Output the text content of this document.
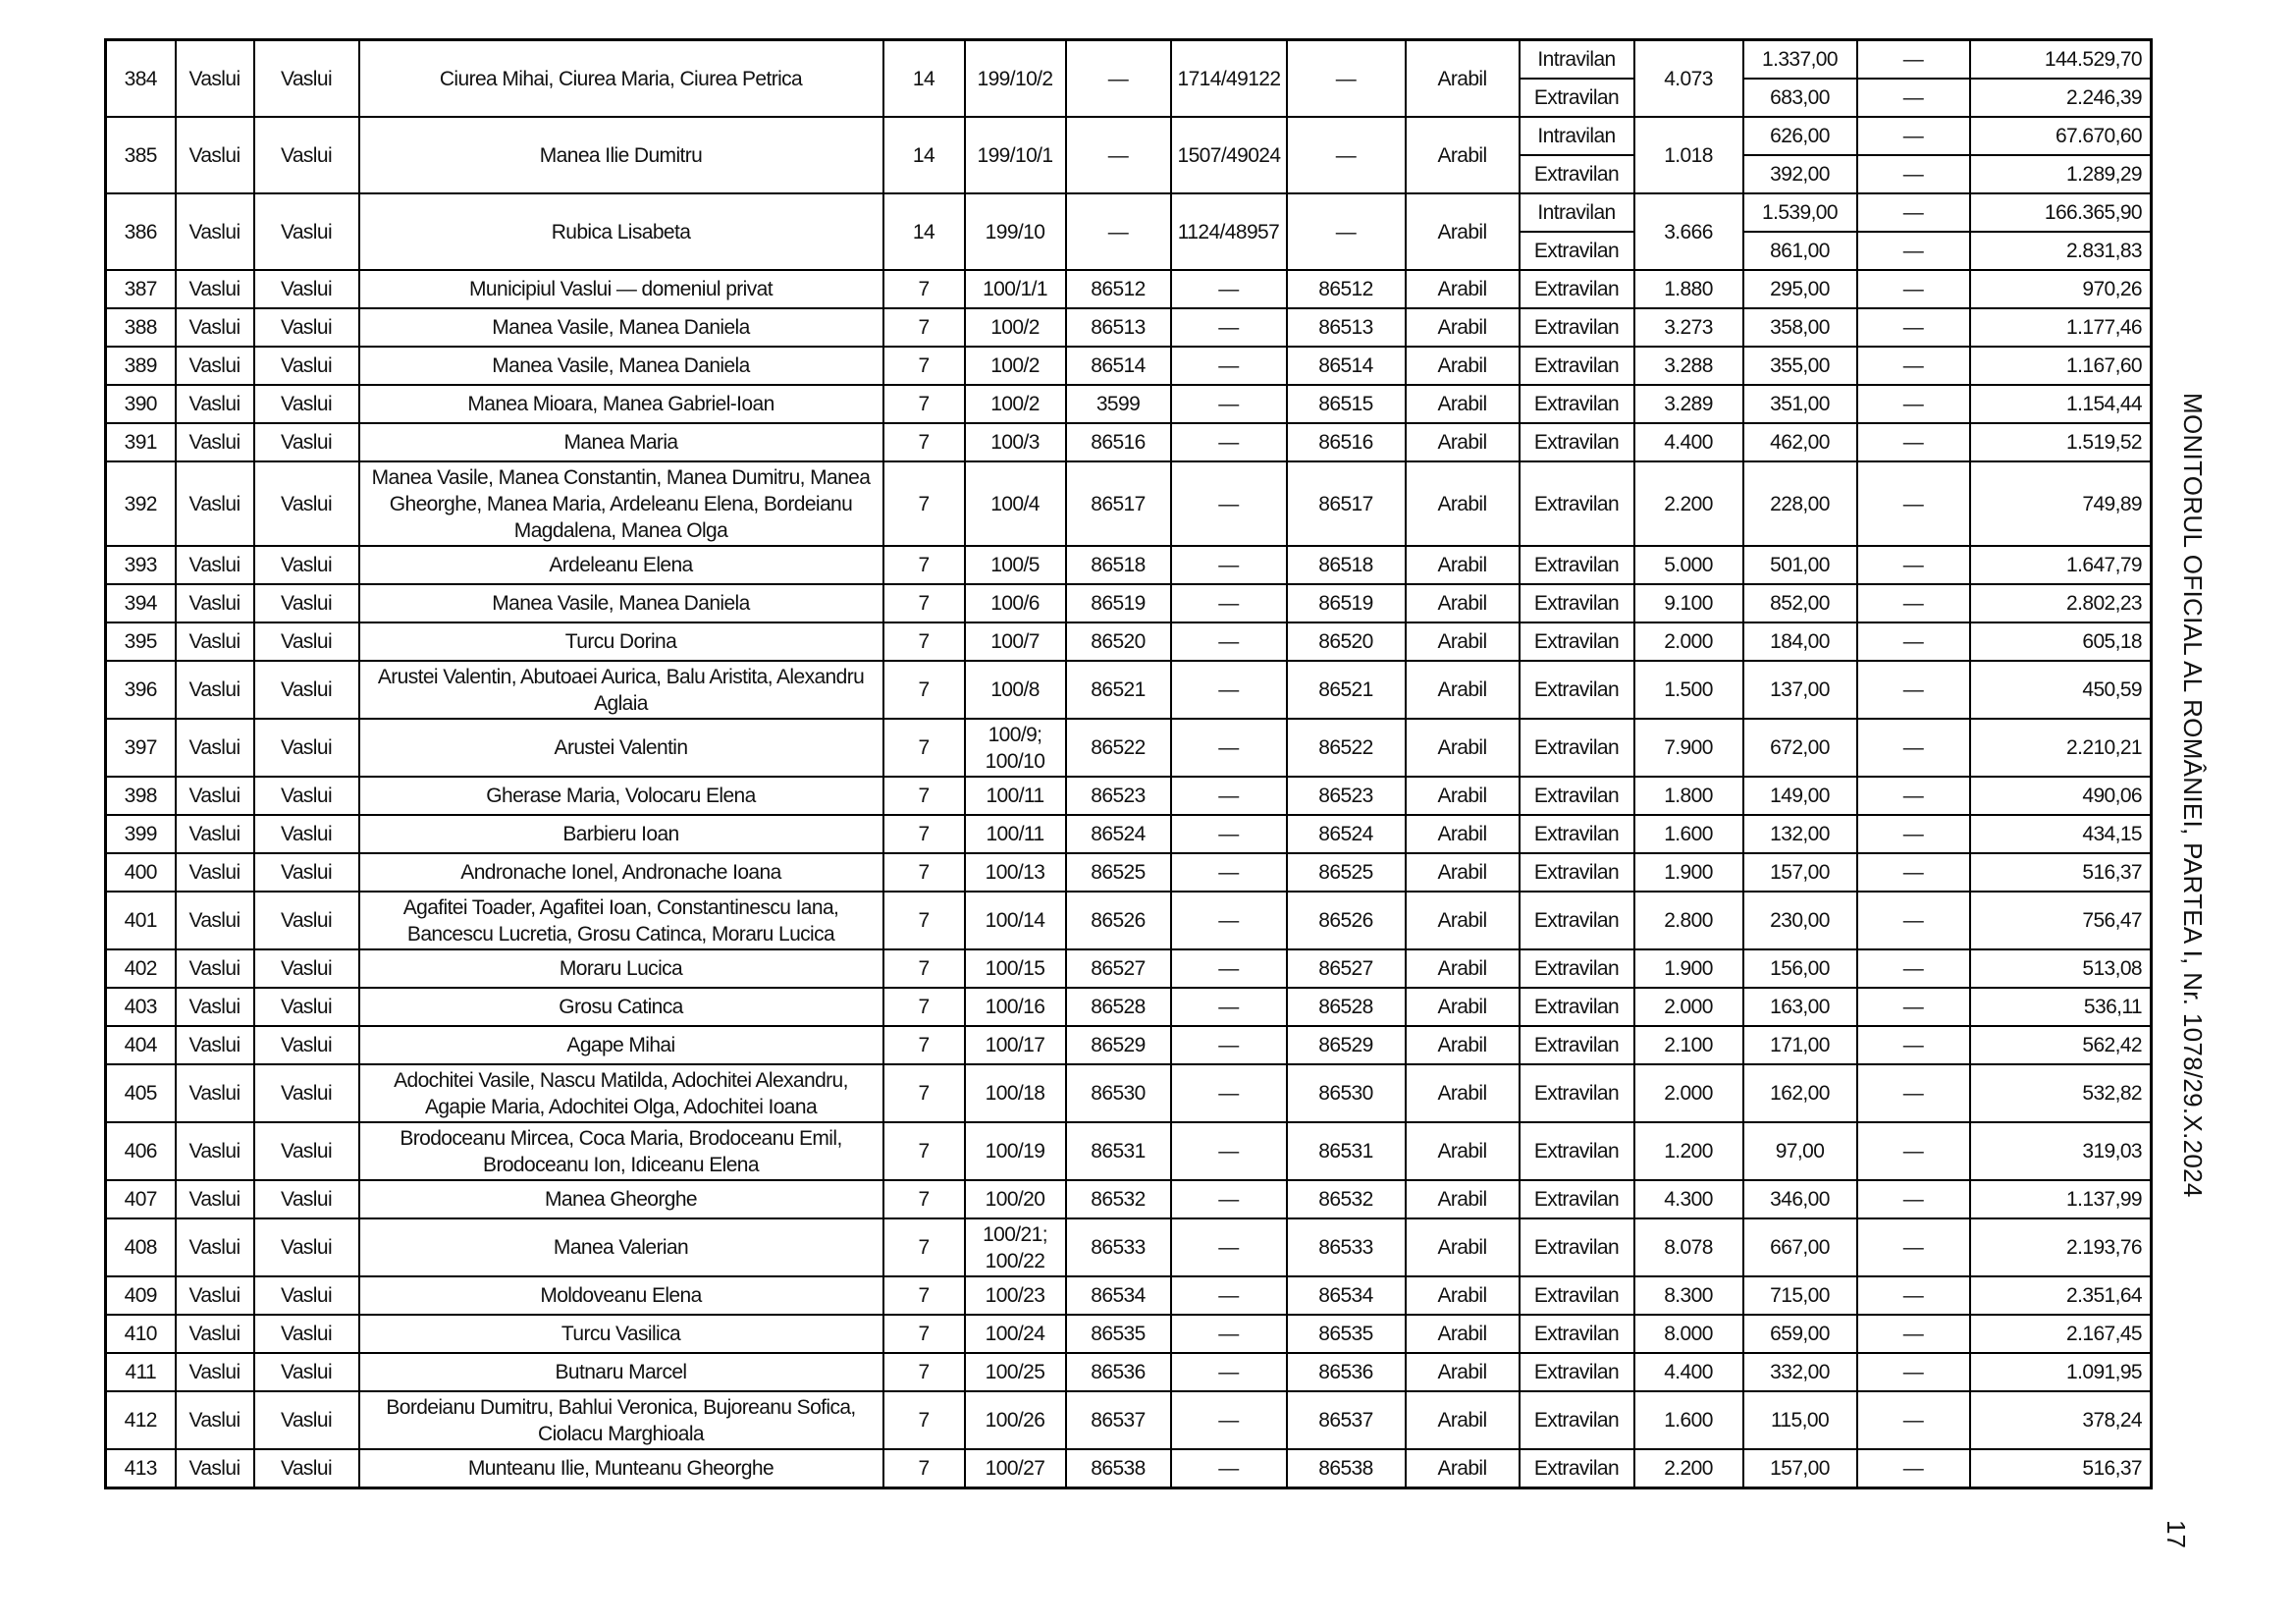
384	Vaslui	Vaslui	Ciurea Mihai, Ciurea Maria, Ciurea Petrica	14	199/10/2	—	1714/49122	—	Arabil	Intravilan	4.073	1.337,00	—	144.529,70
										Extravilan		683,00	—	2.246,39
385	Vaslui	Vaslui	Manea Ilie Dumitru	14	199/10/1	—	1507/49024	—	Arabil	Intravilan	1.018	626,00	—	67.670,60
										Extravilan		392,00	—	1.289,29
386	Vaslui	Vaslui	Rubica Lisabeta	14	199/10	—	1124/48957	—	Arabil	Intravilan	3.666	1.539,00	—	166.365,90
										Extravilan		861,00	—	2.831,83
387	Vaslui	Vaslui	Municipiul Vaslui — domeniul privat	7	100/1/1	86512	—	86512	Arabil	Extravilan	1.880	295,00	—	970,26
388	Vaslui	Vaslui	Manea Vasile, Manea Daniela	7	100/2	86513	—	86513	Arabil	Extravilan	3.273	358,00	—	1.177,46
389	Vaslui	Vaslui	Manea Vasile, Manea Daniela	7	100/2	86514	—	86514	Arabil	Extravilan	3.288	355,00	—	1.167,60
390	Vaslui	Vaslui	Manea Mioara, Manea Gabriel-Ioan	7	100/2	3599	—	86515	Arabil	Extravilan	3.289	351,00	—	1.154,44
391	Vaslui	Vaslui	Manea Maria	7	100/3	86516	—	86516	Arabil	Extravilan	4.400	462,00	—	1.519,52
392	Vaslui	Vaslui	Manea Vasile, Manea Constantin, Manea Dumitru, Manea Gheorghe, Manea Maria, Ardeleanu Elena, Bordeianu Magdalena, Manea Olga	7	100/4	86517	—	86517	Arabil	Extravilan	2.200	228,00	—	749,89
393	Vaslui	Vaslui	Ardeleanu Elena	7	100/5	86518	—	86518	Arabil	Extravilan	5.000	501,00	—	1.647,79
394	Vaslui	Vaslui	Manea Vasile, Manea Daniela	7	100/6	86519	—	86519	Arabil	Extravilan	9.100	852,00	—	2.802,23
395	Vaslui	Vaslui	Turcu Dorina	7	100/7	86520	—	86520	Arabil	Extravilan	2.000	184,00	—	605,18
396	Vaslui	Vaslui	Arustei Valentin, Abutoaei Aurica, Balu Aristita, Alexandru Aglaia	7	100/8	86521	—	86521	Arabil	Extravilan	1.500	137,00	—	450,59
397	Vaslui	Vaslui	Arustei Valentin	7	100/9; 100/10	86522	—	86522	Arabil	Extravilan	7.900	672,00	—	2.210,21
398	Vaslui	Vaslui	Gherase Maria, Volocaru Elena	7	100/11	86523	—	86523	Arabil	Extravilan	1.800	149,00	—	490,06
399	Vaslui	Vaslui	Barbieru Ioan	7	100/11	86524	—	86524	Arabil	Extravilan	1.600	132,00	—	434,15
400	Vaslui	Vaslui	Andronache Ionel, Andronache Ioana	7	100/13	86525	—	86525	Arabil	Extravilan	1.900	157,00	—	516,37
401	Vaslui	Vaslui	Agafitei Toader, Agafitei Ioan, Constantinescu Iana, Bancescu Lucretia, Grosu Catinca, Moraru Lucica	7	100/14	86526	—	86526	Arabil	Extravilan	2.800	230,00	—	756,47
402	Vaslui	Vaslui	Moraru Lucica	7	100/15	86527	—	86527	Arabil	Extravilan	1.900	156,00	—	513,08
403	Vaslui	Vaslui	Grosu Catinca	7	100/16	86528	—	86528	Arabil	Extravilan	2.000	163,00	—	536,11
404	Vaslui	Vaslui	Agape Mihai	7	100/17	86529	—	86529	Arabil	Extravilan	2.100	171,00	—	562,42
405	Vaslui	Vaslui	Adochitei Vasile, Nascu Matilda, Adochitei Alexandru, Agapie Maria, Adochitei Olga, Adochitei Ioana	7	100/18	86530	—	86530	Arabil	Extravilan	2.000	162,00	—	532,82
406	Vaslui	Vaslui	Brodoceanu Mircea, Coca Maria, Brodoceanu Emil, Brodoceanu Ion, Idiceanu Elena	7	100/19	86531	—	86531	Arabil	Extravilan	1.200	97,00	—	319,03
407	Vaslui	Vaslui	Manea Gheorghe	7	100/20	86532	—	86532	Arabil	Extravilan	4.300	346,00	—	1.137,99
408	Vaslui	Vaslui	Manea Valerian	7	100/21; 100/22	86533	—	86533	Arabil	Extravilan	8.078	667,00	—	2.193,76
409	Vaslui	Vaslui	Moldoveanu Elena	7	100/23	86534	—	86534	Arabil	Extravilan	8.300	715,00	—	2.351,64
410	Vaslui	Vaslui	Turcu Vasilica	7	100/24	86535	—	86535	Arabil	Extravilan	8.000	659,00	—	2.167,45
411	Vaslui	Vaslui	Butnaru Marcel	7	100/25	86536	—	86536	Arabil	Extravilan	4.400	332,00	—	1.091,95
412	Vaslui	Vaslui	Bordeianu Dumitru, Bahlui Veronica, Bujoreanu Sofica, Ciolacu Marghioala	7	100/26	86537	—	86537	Arabil	Extravilan	1.600	115,00	—	378,24
413	Vaslui	Vaslui	Munteanu Ilie, Munteanu Gheorghe	7	100/27	86538	—	86538	Arabil	Extravilan	2.200	157,00	—	516,37
MONITORUL OFICIAL AL ROMÂNIEI, PARTEA I, Nr. 1078/29.X.2024
17
